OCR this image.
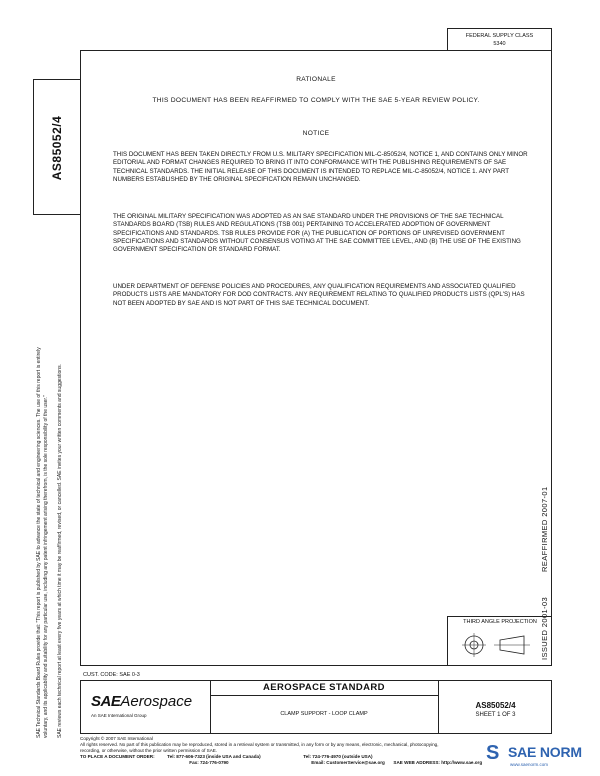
FEDERAL SUPPLY CLASS
5340
AS85052/4
SAE Technical Standards Board Rules provide that: "This report is published by SAE to advance the state of technical and engineering sciences. The use of this report is entirely voluntary, and its applicability and suitability for any particular use, including any patent infringement arising therefrom, is the sole responsibility of the user." SAE reviews each technical report at least every five years at which time it may be reaffirmed, revised, or cancelled. SAE invites your written comments and suggestions.
RATIONALE
THIS DOCUMENT HAS BEEN REAFFIRMED TO COMPLY WITH THE SAE 5-YEAR REVIEW POLICY.
NOTICE
THIS DOCUMENT HAS BEEN TAKEN DIRECTLY FROM U.S. MILITARY SPECIFICATION MIL-C-85052/4, NOTICE 1, AND CONTAINS ONLY MINOR EDITORIAL AND FORMAT CHANGES REQUIRED TO BRING IT INTO CONFORMANCE WITH THE PUBLISHING REQUIREMENTS OF SAE TECHNICAL STANDARDS. THE INITIAL RELEASE OF THIS DOCUMENT IS INTENDED TO REPLACE MIL-C-85052/4, NOTICE 1. ANY PART NUMBERS ESTABLISHED BY THE ORIGINAL SPECIFICATION REMAIN UNCHANGED.
THE ORIGINAL MILITARY SPECIFICATION WAS ADOPTED AS AN SAE STANDARD UNDER THE PROVISIONS OF THE SAE TECHNICAL STANDARDS BOARD (TSB) RULES AND REGULATIONS (TSB 001) PERTAINING TO ACCELERATED ADOPTION OF GOVERNMENT SPECIFICATIONS AND STANDARDS. TSB RULES PROVIDE FOR (A) THE PUBLICATION OF PORTIONS OF UNREVISED GOVERNMENT SPECIFICATIONS AND STANDARDS WITHOUT CONSENSUS VOTING AT THE SAE COMMITTEE LEVEL, AND (B) THE USE OF THE EXISTING GOVERNMENT SPECIFICATION OR STANDARD FORMAT.
UNDER DEPARTMENT OF DEFENSE POLICIES AND PROCEDURES, ANY QUALIFICATION REQUIREMENTS AND ASSOCIATED QUALIFIED PRODUCTS LISTS ARE MANDATORY FOR DOD CONTRACTS. ANY REQUIREMENT RELATING TO QUALIFIED PRODUCTS LISTS (QPL'S) HAS NOT BEEN ADOPTED BY SAE AND IS NOT PART OF THIS SAE TECHNICAL DOCUMENT.
REAFFIRMED 2007-01
ISSUED 2001-03
THIRD ANGLE PROJECTION
CUST. CODE: SAE 0-3
SAEAerospace
An SAE International Group
AEROSPACE STANDARD
CLAMP SUPPORT - LOOP CLAMP
AS85052/4
SHEET 1 OF 3
Copyright © 2007 SAE International
All rights reserved. No part of this publication may be reproduced, stored in a retrieval system or transmitted, in any form or by any means, electronic, mechanical, photocopying,
recording, or otherwise, without the prior written permission of SAE.
TO PLACE A DOCUMENT ORDER:	Tel: 877-606-7323 (inside USA and Canada)	Tel: 724-776-4970 (outside USA)
Fax: 724-776-0790	Email: CustomerService@sae.org SAE WEB ADDRESS: http://www.sae.org S SAE NORM
www.saenorm.com
